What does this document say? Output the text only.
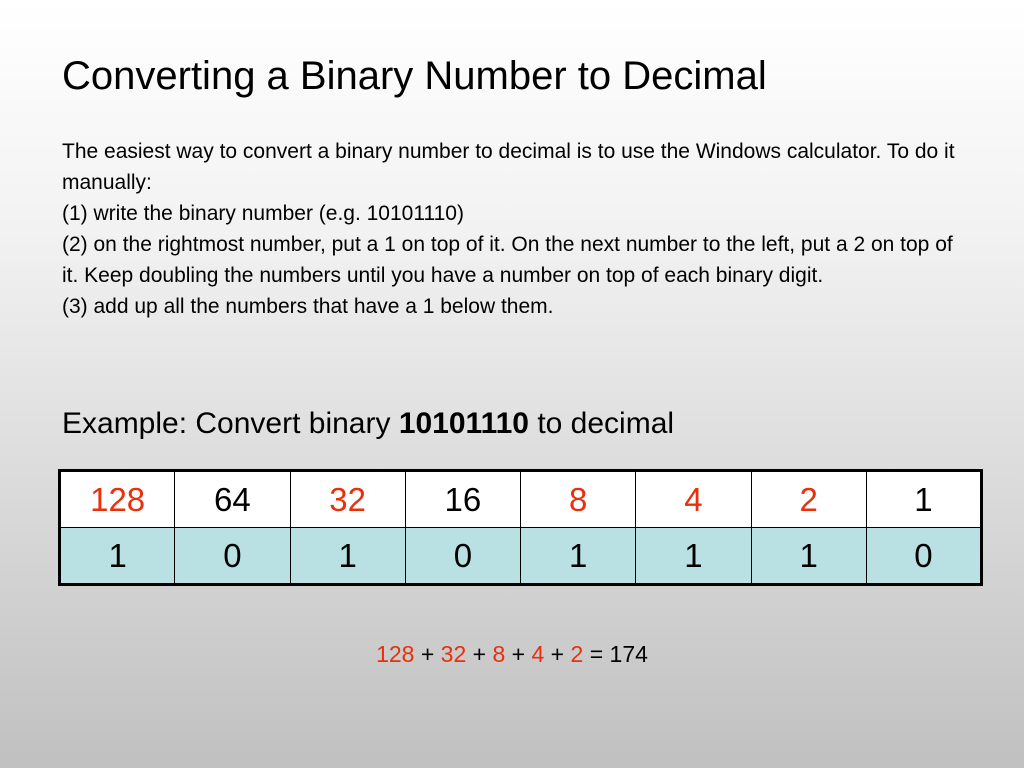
Converting a Binary Number to Decimal

The easiest way to convert a binary number to decimal is to use the Windows calculator. To do it manually:

(1) write the binary number (e.g. 10101110)

(2) on the rightmost number, put a 1 on top of it. On the next number to the left, put a 2 on top of it. Keep doubling the numbers until you have a number on top of each binary digit.

(3) add up all the numbers that have a 1 below them.

Example: Convert binary 10101110 to decimal
128	64	32	16	8	4	2	1
1	0	1	0	1	1	1	0
128 + 32 + 8 + 4 + 2 = 174
